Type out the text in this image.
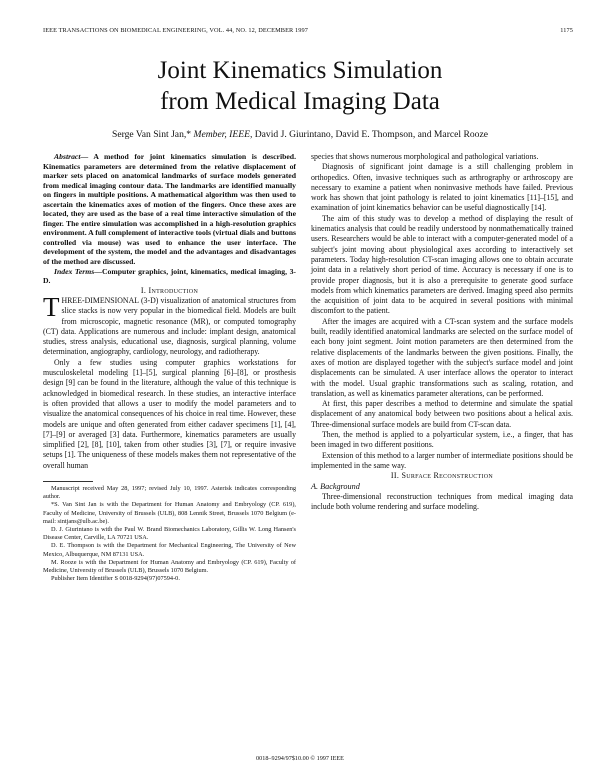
IEEE TRANSACTIONS ON BIOMEDICAL ENGINEERING, VOL. 44, NO. 12, DECEMBER 1997	1175
Joint Kinematics Simulation
from Medical Imaging Data
Serge Van Sint Jan,* Member, IEEE, David J. Giurintano, David E. Thompson, and Marcel Rooze

Abstract— A method for joint kinematics simulation is described. Kinematics parameters are determined from the relative displacement of marker sets placed on anatomical landmarks of surface models generated from medical imaging contour data. The landmarks are identified manually on fingers in multiple positions. A mathematical algorithm was then used to ascertain the kinematics axes of motion of the fingers. Once these axes are located, they are used as the base of a real time interactive simulation of the finger. The entire simulation was accomplished in a high-resolution graphics environment. A full complement of interactive tools (virtual dials and buttons controlled via mouse) was used to enhance the user interface. The development of the system, the model and the advantages and disadvantages of the method are discussed.

Index Terms—Computer graphics, joint, kinematics, medical imaging, 3-D.

I. Introduction

THREE-DIMENSIONAL (3-D) visualization of anatomical structures from slice stacks is now very popular in the biomedical field. Models are built from microscopic, magnetic resonance (MR), or computed tomography (CT) data. Applications are numerous and include: implant design, anatomical studies, stress analysis, educational use, diagnosis, surgical planning, volume determination, angiography, cardiology, neurology, and radiotherapy.

Only a few studies using computer graphics workstations for musculoskeletal modeling [1]–[5], surgical planning [6]–[8], or prosthesis design [9] can be found in the literature, although the value of this technique is acknowledged in biomedical research. In these studies, an interactive interface is often provided that allows a user to modify the model parameters and to visualize the anatomical consequences of his choice in real time. However, these models are unique and often generated from either cadaver specimens [1], [4], [7]–[9] or averaged [3] data. Furthermore, kinematics parameters are usually simplified [2], [8], [10], taken from other studies [3], [7], or require invasive setups [1]. The uniqueness of these models makes them not representative of the overall human

Manuscript received May 28, 1997; revised July 10, 1997. Asterisk indicates corresponding author.

*S. Van Sint Jan is with the Department for Human Anatomy and Embryology (CP. 619), Faculty of Medicine, University of Brussels (ULB), 808 Lennik Street, Brussels 1070 Belgium (e-mail: sintjans@ulb.ac.be).

D. J. Giurintano is with the Paul W. Brand Biomechanics Laboratory, Gillis W. Long Hansen's Disease Center, Carville, LA 70721 USA.

D. E. Thompson is with the Department for Mechanical Engineering, The University of New Mexico, Albuquerque, NM 87131 USA.

M. Rooze is with the Department for Human Anatomy and Embryology (CP. 619), Faculty of Medicine, University of Brussels (ULB), Brussels 1070 Belgium.

Publisher Item Identifier S 0018-9294(97)07594-0.

species that shows numerous morphological and pathological variations.

Diagnosis of significant joint damage is a still challenging problem in orthopedics. Often, invasive techniques such as arthrography or arthroscopy are necessary to examine a patient when noninvasive methods have failed. Previous work has shown that joint pathology is related to joint kinematics [11]–[15], and examination of joint kinematics behavior can be useful diagnostically [14].

The aim of this study was to develop a method of displaying the result of kinematics analysis that could be readily understood by nonmathematically trained users. Researchers would be able to interact with a computer-generated model of a subject's joint moving about physiological axes according to interactively set parameters. Today high-resolution CT-scan imaging allows one to obtain accurate joint data in a relatively short period of time. Accuracy is necessary if one is to provide proper diagnosis, but it is also a prerequisite to generate good surface models from which kinematics parameters are derived. Imaging speed also permits the acquisition of joint data to be acquired in several positions with minimal discomfort to the patient.

After the images are acquired with a CT-scan system and the surface models built, readily identified anatomical landmarks are selected on the surface model of each bony joint segment. Joint motion parameters are then determined from the relative displacements of the landmarks between the given positions. Finally, the axes of motion are displayed together with the subject's surface model and joint displacements can be simulated. A user interface allows the operator to interact with the model. Usual graphic transformations such as scaling, rotation, and translation, as well as kinematics parameter alterations, can be performed.

At first, this paper describes a method to determine and simulate the spatial displacement of any anatomical body between two positions about a helical axis. Three-dimensional surface models are build from CT-scan data.

Then, the method is applied to a polyarticular system, i.e., a finger, that has been imaged in two different positions.

Extension of this method to a larger number of intermediate positions should be implemented in the same way.

II. Surface Reconstruction

A. Background

Three-dimensional reconstruction techniques from medical imaging data include both volume rendering and surface modeling.

0018–9294/97$10.00 © 1997 IEEE
